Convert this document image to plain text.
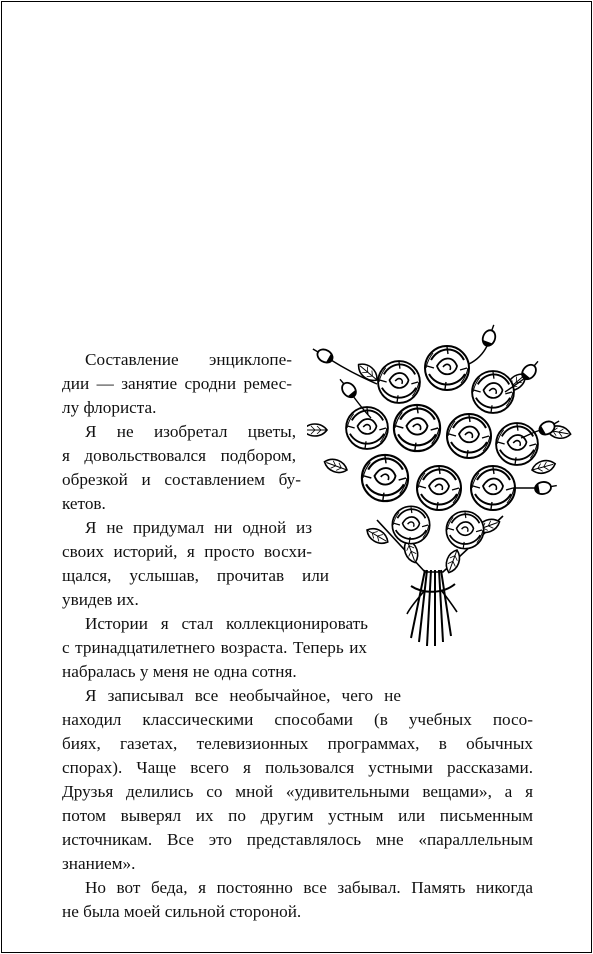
Составление энциклопе-
дии — занятие сродни ремес-
лу флориста.
Я не изобретал цветы,
я довольствовался подбором,
обрезкой и составлением бу-
кетов.
Я не придумал ни одной из
своих историй, я просто восхи-
щался, услышав, прочитав или
увидев их.
Истории я стал коллекционировать
с тринадцатилетнего возраста. Теперь их
набралась у меня не одна сотня.
Я записывал все необычайное, чего не
находил классическими способами (в учебных посо-
биях, газетах, телевизионных программах, в обычных
спорах). Чаще всего я пользовался устными рассказами.
Друзья делились со мной «удивительными вещами», а я
потом выверял их по другим устным или письменным
источникам. Все это представлялось мне «параллельным
знанием».
Но вот беда, я постоянно все забывал. Память никогда
не была моей сильной стороной.
